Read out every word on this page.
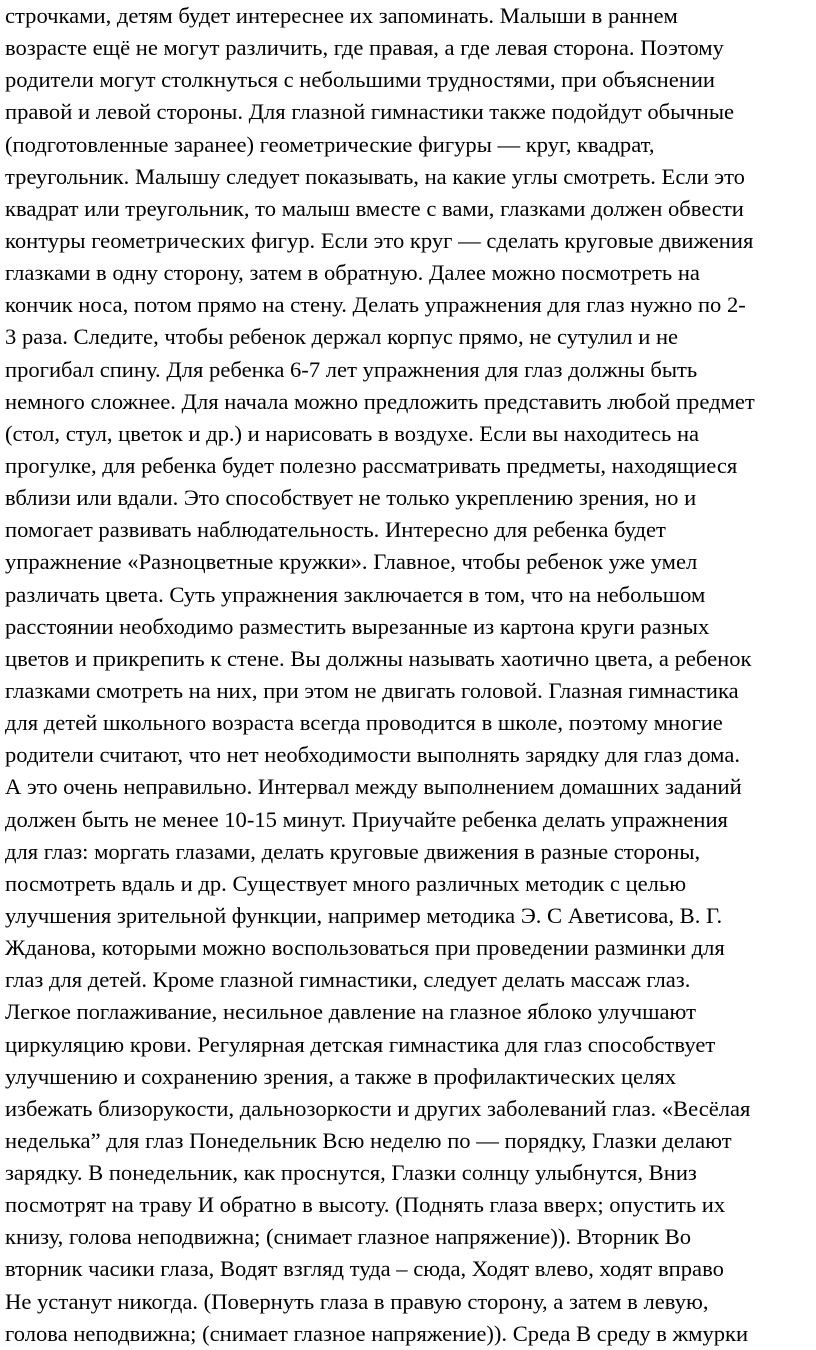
строчками, детям будет интереснее их запоминать. Малыши в раннем
возрасте ещё не могут различить, где правая, а где левая сторона. Поэтому
родители могут столкнуться с небольшими трудностями, при объяснении
правой и левой стороны. Для глазной гимнастики также подойдут обычные
(подготовленные заранее) геометрические фигуры — круг, квадрат,
треугольник. Малышу следует показывать, на какие углы смотреть. Если это
квадрат или треугольник, то малыш вместе с вами, глазками должен обвести
контуры геометрических фигур. Если это круг — сделать круговые движения
глазками в одну сторону, затем в обратную. Далее можно посмотреть на
кончик носа, потом прямо на стену. Делать упражнения для глаз нужно по 2-
3 раза. Следите, чтобы ребенок держал корпус прямо, не сутулил и не
прогибал спину. Для ребенка 6-7 лет упражнения для глаз должны быть
немного сложнее. Для начала можно предложить представить любой предмет
(стол, стул, цветок и др.) и нарисовать в воздухе. Если вы находитесь на
прогулке, для ребенка будет полезно рассматривать предметы, находящиеся
вблизи или вдали. Это способствует не только укреплению зрения, но и
помогает развивать наблюдательность. Интересно для ребенка будет
упражнение «Разноцветные кружки». Главное, чтобы ребенок уже умел
различать цвета. Суть упражнения заключается в том, что на небольшом
расстоянии необходимо разместить вырезанные из картона круги разных
цветов и прикрепить к стене. Вы должны называть хаотично цвета, а ребенок
глазками смотреть на них, при этом не двигать головой. Глазная гимнастика
для детей школьного возраста всегда проводится в школе, поэтому многие
родители считают, что нет необходимости выполнять зарядку для глаз дома.
А это очень неправильно. Интервал между выполнением домашних заданий
должен быть не менее 10-15 минут. Приучайте ребенка делать упражнения
для глаз: моргать глазами, делать круговые движения в разные стороны,
посмотреть вдаль и др. Существует много различных методик с целью
улучшения зрительной функции, например методика Э. С Аветисова, В. Г.
Жданова, которыми можно воспользоваться при проведении разминки для
глаз для детей. Кроме глазной гимнастики, следует делать массаж глаз.
Легкое поглаживание, несильное давление на глазное яблоко улучшают
циркуляцию крови. Регулярная детская гимнастика для глаз способствует
улучшению и сохранению зрения, а также в профилактических целях
избежать близорукости, дальнозоркости и других заболеваний глаз. «Весёлая
неделька” для глаз Понедельник Всю неделю по — порядку, Глазки делают
зарядку. В понедельник, как проснутся, Глазки солнцу улыбнутся, Вниз
посмотрят на траву И обратно в высоту. (Поднять глаза вверх; опустить их
книзу, голова неподвижна; (снимает глазное напряжение)). Вторник Во
вторник часики глаза, Водят взгляд туда – сюда, Ходят влево, ходят вправо
Не устанут никогда. (Повернуть глаза в правую сторону, а затем в левую,
голова неподвижна; (снимает глазное напряжение)). Среда В среду в жмурки
